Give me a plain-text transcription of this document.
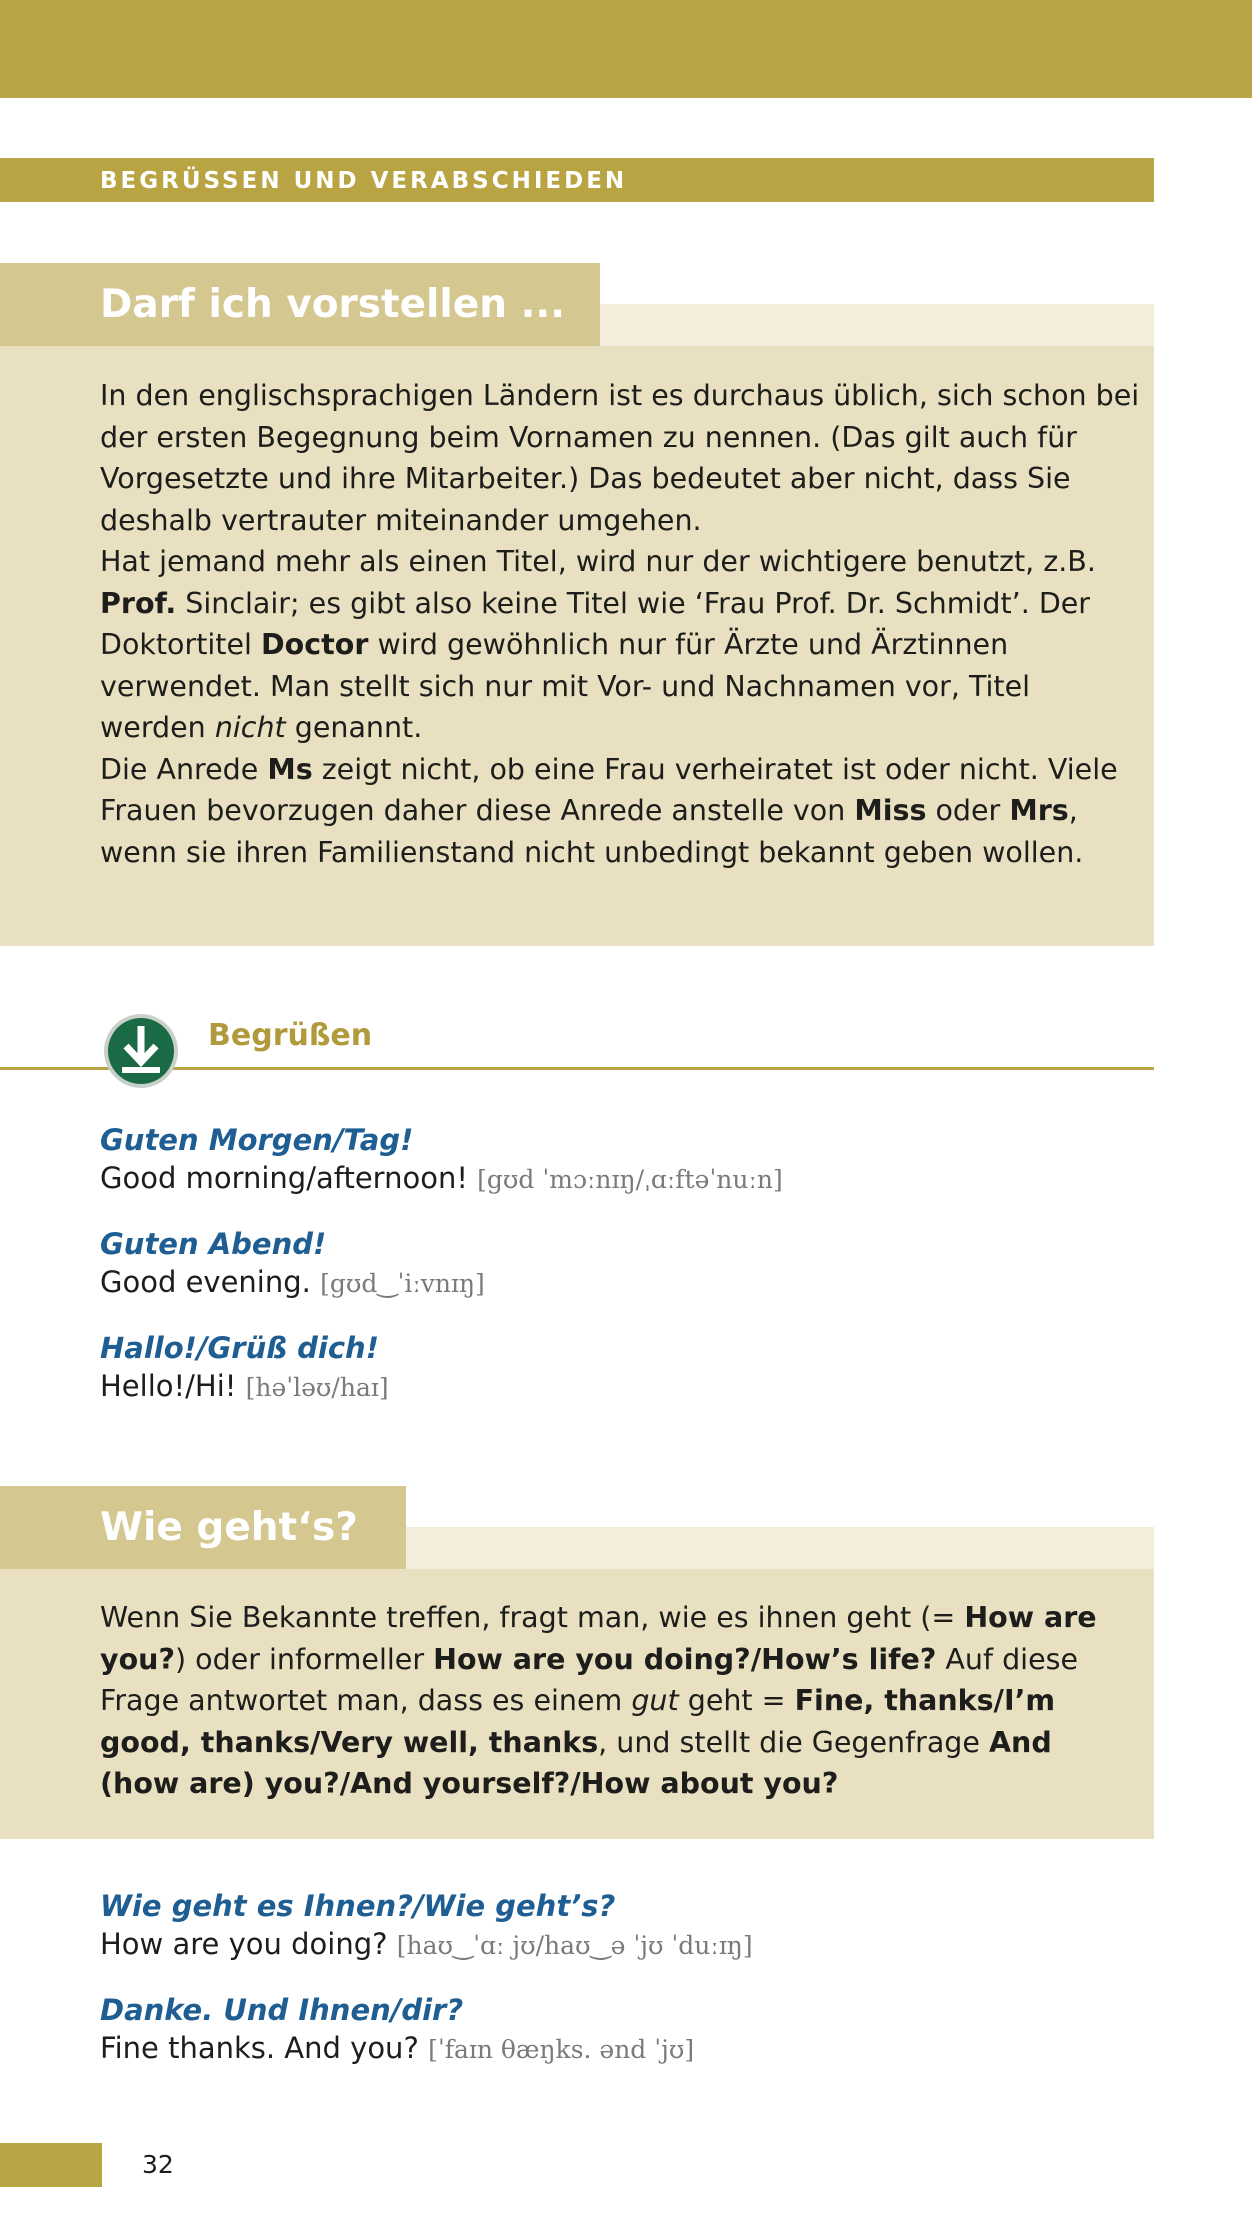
BEGRÜSSEN UND VERABSCHIEDEN
Darf ich vorstellen ...

In den englischsprachigen Ländern ist es durchaus üblich, sich schon bei der ersten Begegnung beim Vornamen zu nennen. (Das gilt auch für Vorgesetzte und ihre Mitarbeiter.) Das bedeutet aber nicht, dass Sie deshalb vertrauter miteinander umgehen.

Hat jemand mehr als einen Titel, wird nur der wichtigere benutzt, z.B. Prof. Sinclair; es gibt also keine Titel wie ‘Frau Prof. Dr. Schmidt’. Der Doktortitel Doctor wird gewöhnlich nur für Ärzte und Ärztinnen verwendet. Man stellt sich nur mit Vor- und Nachnamen vor, Titel werden nicht genannt.

Die Anrede Ms zeigt nicht, ob eine Frau verheiratet ist oder nicht. Viele Frauen bevorzugen daher diese Anrede anstelle von Miss oder Mrs, wenn sie ihren Familienstand nicht unbedingt bekannt geben wollen.

Begrüßen
Guten Morgen/Tag!
Good morning/afternoon! [gʊd ˈmɔːnɪŋ/ˌɑːftəˈnuːn]
Guten Abend!
Good evening. [gʊd‿ˈiːvnɪŋ]
Hallo!/Grüß dich!
Hello!/Hi! [həˈləʊ/haɪ]
Wie geht‘s?

Wenn Sie Bekannte treffen, fragt man, wie es ihnen geht (= How are you?) oder informeller How are you doing?/How’s life? Auf diese Frage antwortet man, dass es einem gut geht = Fine, thanks/I’m good, thanks/Very well, thanks, und stellt die Gegenfrage And (how are) you?/And yourself?/How about you?

Wie geht es Ihnen?/Wie geht’s?
How are you doing? [haʊ‿ˈɑː jʊ/haʊ‿ə ˈjʊ ˈduːɪŋ]
Danke. Und Ihnen/dir?
Fine thanks. And you? [ˈfaɪn θæŋks. ənd ˈjʊ]
32
